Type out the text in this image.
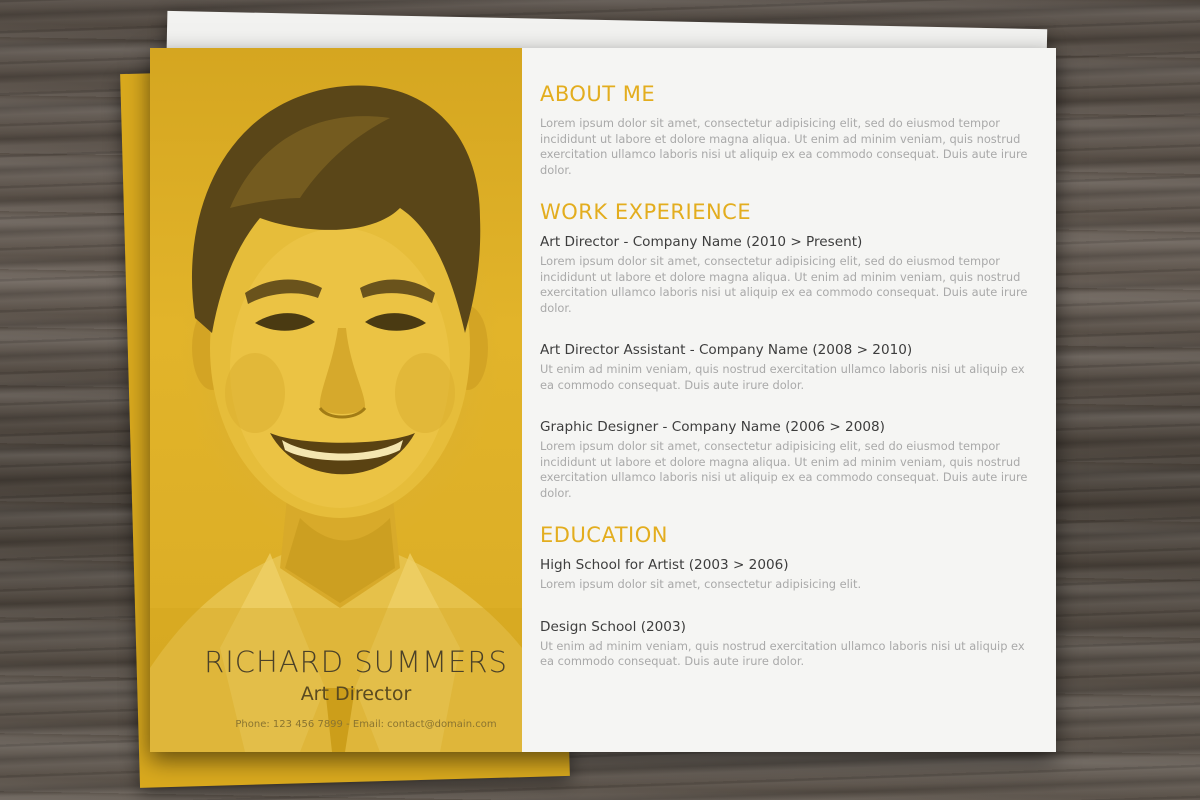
RICHARD SUMMERS
Art Director
Phone: 123 456 7899 - Email: contact@domain.com
ABOUT ME

Lorem ipsum dolor sit amet, consectetur adipisicing elit, sed do eiusmod tempor incididunt ut labore et dolore magna aliqua. Ut enim ad minim veniam, quis nostrud exercitation ullamco laboris nisi ut aliquip ex ea commodo consequat. Duis aute irure dolor.

WORK EXPERIENCE
Art Director - Company Name (2010 > Present)

Lorem ipsum dolor sit amet, consectetur adipisicing elit, sed do eiusmod tempor incididunt ut labore et dolore magna aliqua. Ut enim ad minim veniam, quis nostrud exercitation ullamco laboris nisi ut aliquip ex ea commodo consequat. Duis aute irure dolor.

Art Director Assistant - Company Name (2008 > 2010)

Ut enim ad minim veniam, quis nostrud exercitation ullamco laboris nisi ut aliquip ex ea commodo consequat. Duis aute irure dolor.

Graphic Designer - Company Name (2006 > 2008)

Lorem ipsum dolor sit amet, consectetur adipisicing elit, sed do eiusmod tempor incididunt ut labore et dolore magna aliqua. Ut enim ad minim veniam, quis nostrud exercitation ullamco laboris nisi ut aliquip ex ea commodo consequat. Duis aute irure dolor.

EDUCATION
High School for Artist (2003 > 2006)

Lorem ipsum dolor sit amet, consectetur adipisicing elit.

Design School (2003)

Ut enim ad minim veniam, quis nostrud exercitation ullamco laboris nisi ut aliquip ex ea commodo consequat. Duis aute irure dolor.
